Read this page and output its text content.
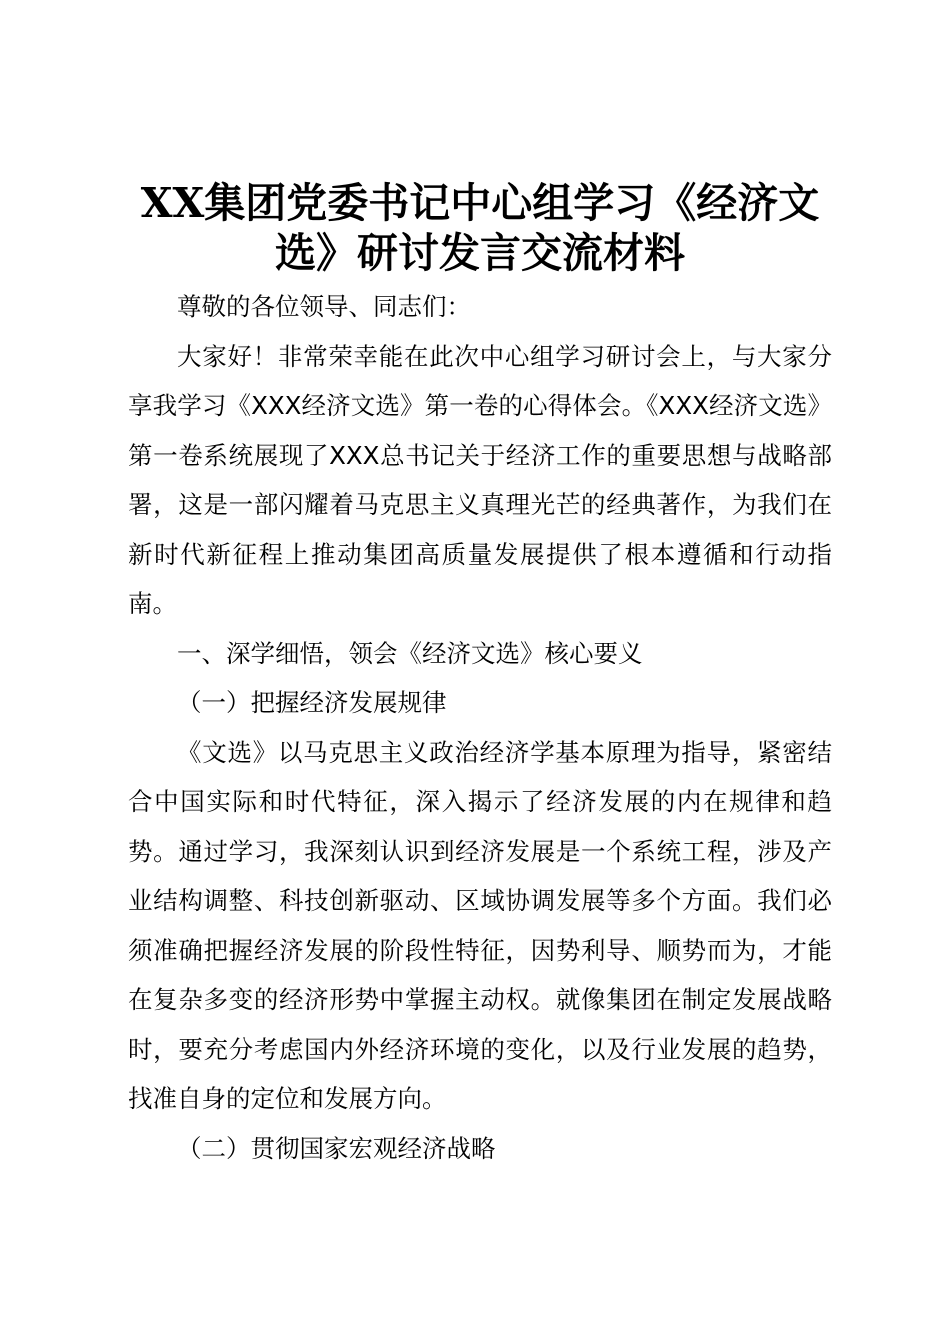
XX集团党委书记中心组学习《经济文
选》研讨发言交流材料

尊敬的各位领导、同志们：

大家好！非常荣幸能在此次中心组学习研讨会上，与大家分享我学习《XXX经济文选》第一卷的心得体会。《XXX经济文选》第一卷系统展现了XXX总书记关于经济工作的重要思想与战略部署，这是一部闪耀着马克思主义真理光芒的经典著作，为我们在新时代新征程上推动集团高质量发展提供了根本遵循和行动指南。

一、深学细悟，领会《经济文选》核心要义

（一）把握经济发展规律

《文选》以马克思主义政治经济学基本原理为指导，紧密结合中国实际和时代特征，深入揭示了经济发展的内在规律和趋势。通过学习，我深刻认识到经济发展是一个系统工程，涉及产业结构调整、科技创新驱动、区域协调发展等多个方面。我们必须准确把握经济发展的阶段性特征，因势利导、顺势而为，才能在复杂多变的经济形势中掌握主动权。就像集团在制定发展战略时，要充分考虑国内外经济环境的变化，以及行业发展的趋势，找准自身的定位和发展方向。

（二）贯彻国家宏观经济战略
